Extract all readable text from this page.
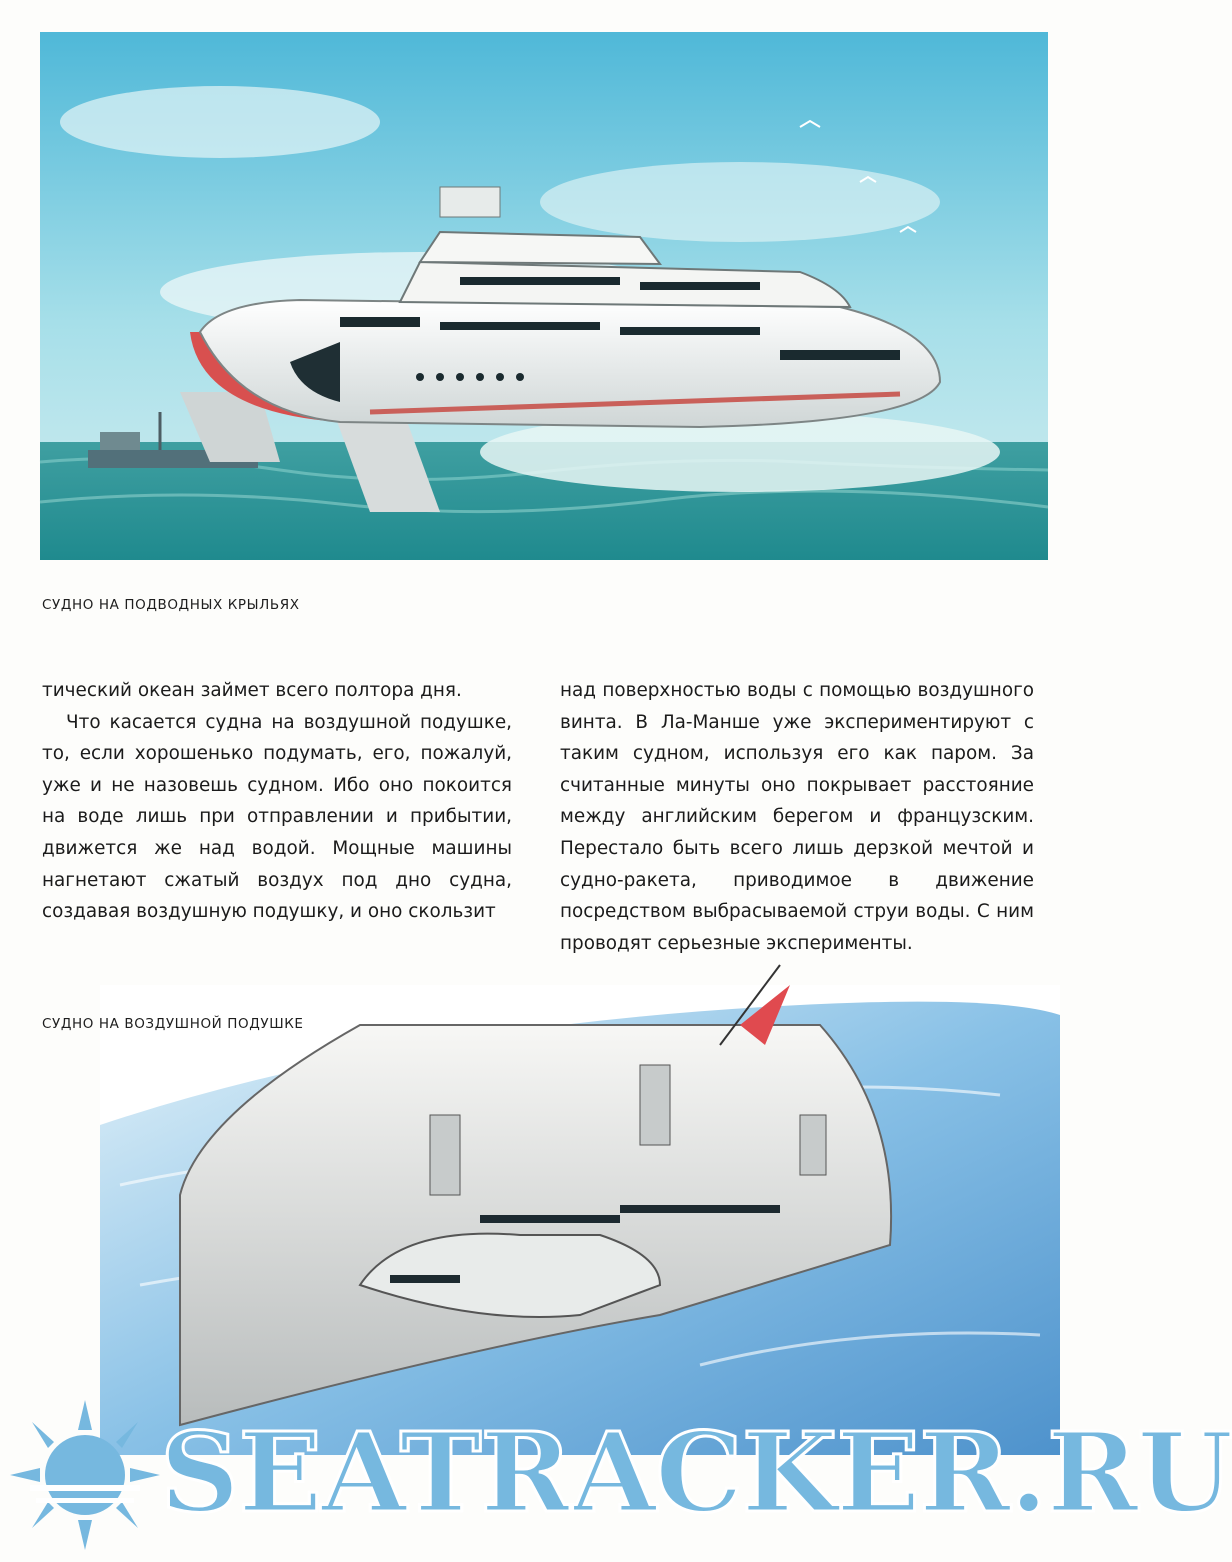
СУДНО НА ПОДВОДНЫХ КРЫЛЬЯХ

тический океан займет всего полтора дня.

Что касается судна на воздушной подушке, то, если хорошенько подумать, его, пожалуй, уже и не назовешь судном. Ибо оно покоится на воде лишь при отправлении и прибытии, движется же над водой. Мощные машины нагнетают сжатый воздух под дно судна, создавая воздушную подушку, и оно скользит

над поверхностью воды с помощью воздушного винта. В Ла-Манше уже экспериментируют с таким судном, используя его как паром. За считанные минуты оно покрывает расстояние между английским берегом и французским. Перестало быть всего лишь дерзкой мечтой и судно-ракета, приводимое в движение посредством выбрасываемой струи воды. С ним проводят серьезные эксперименты.

СУДНО НА ВОЗДУШНОЙ ПОДУШКЕ
SEATRACKER.RU
